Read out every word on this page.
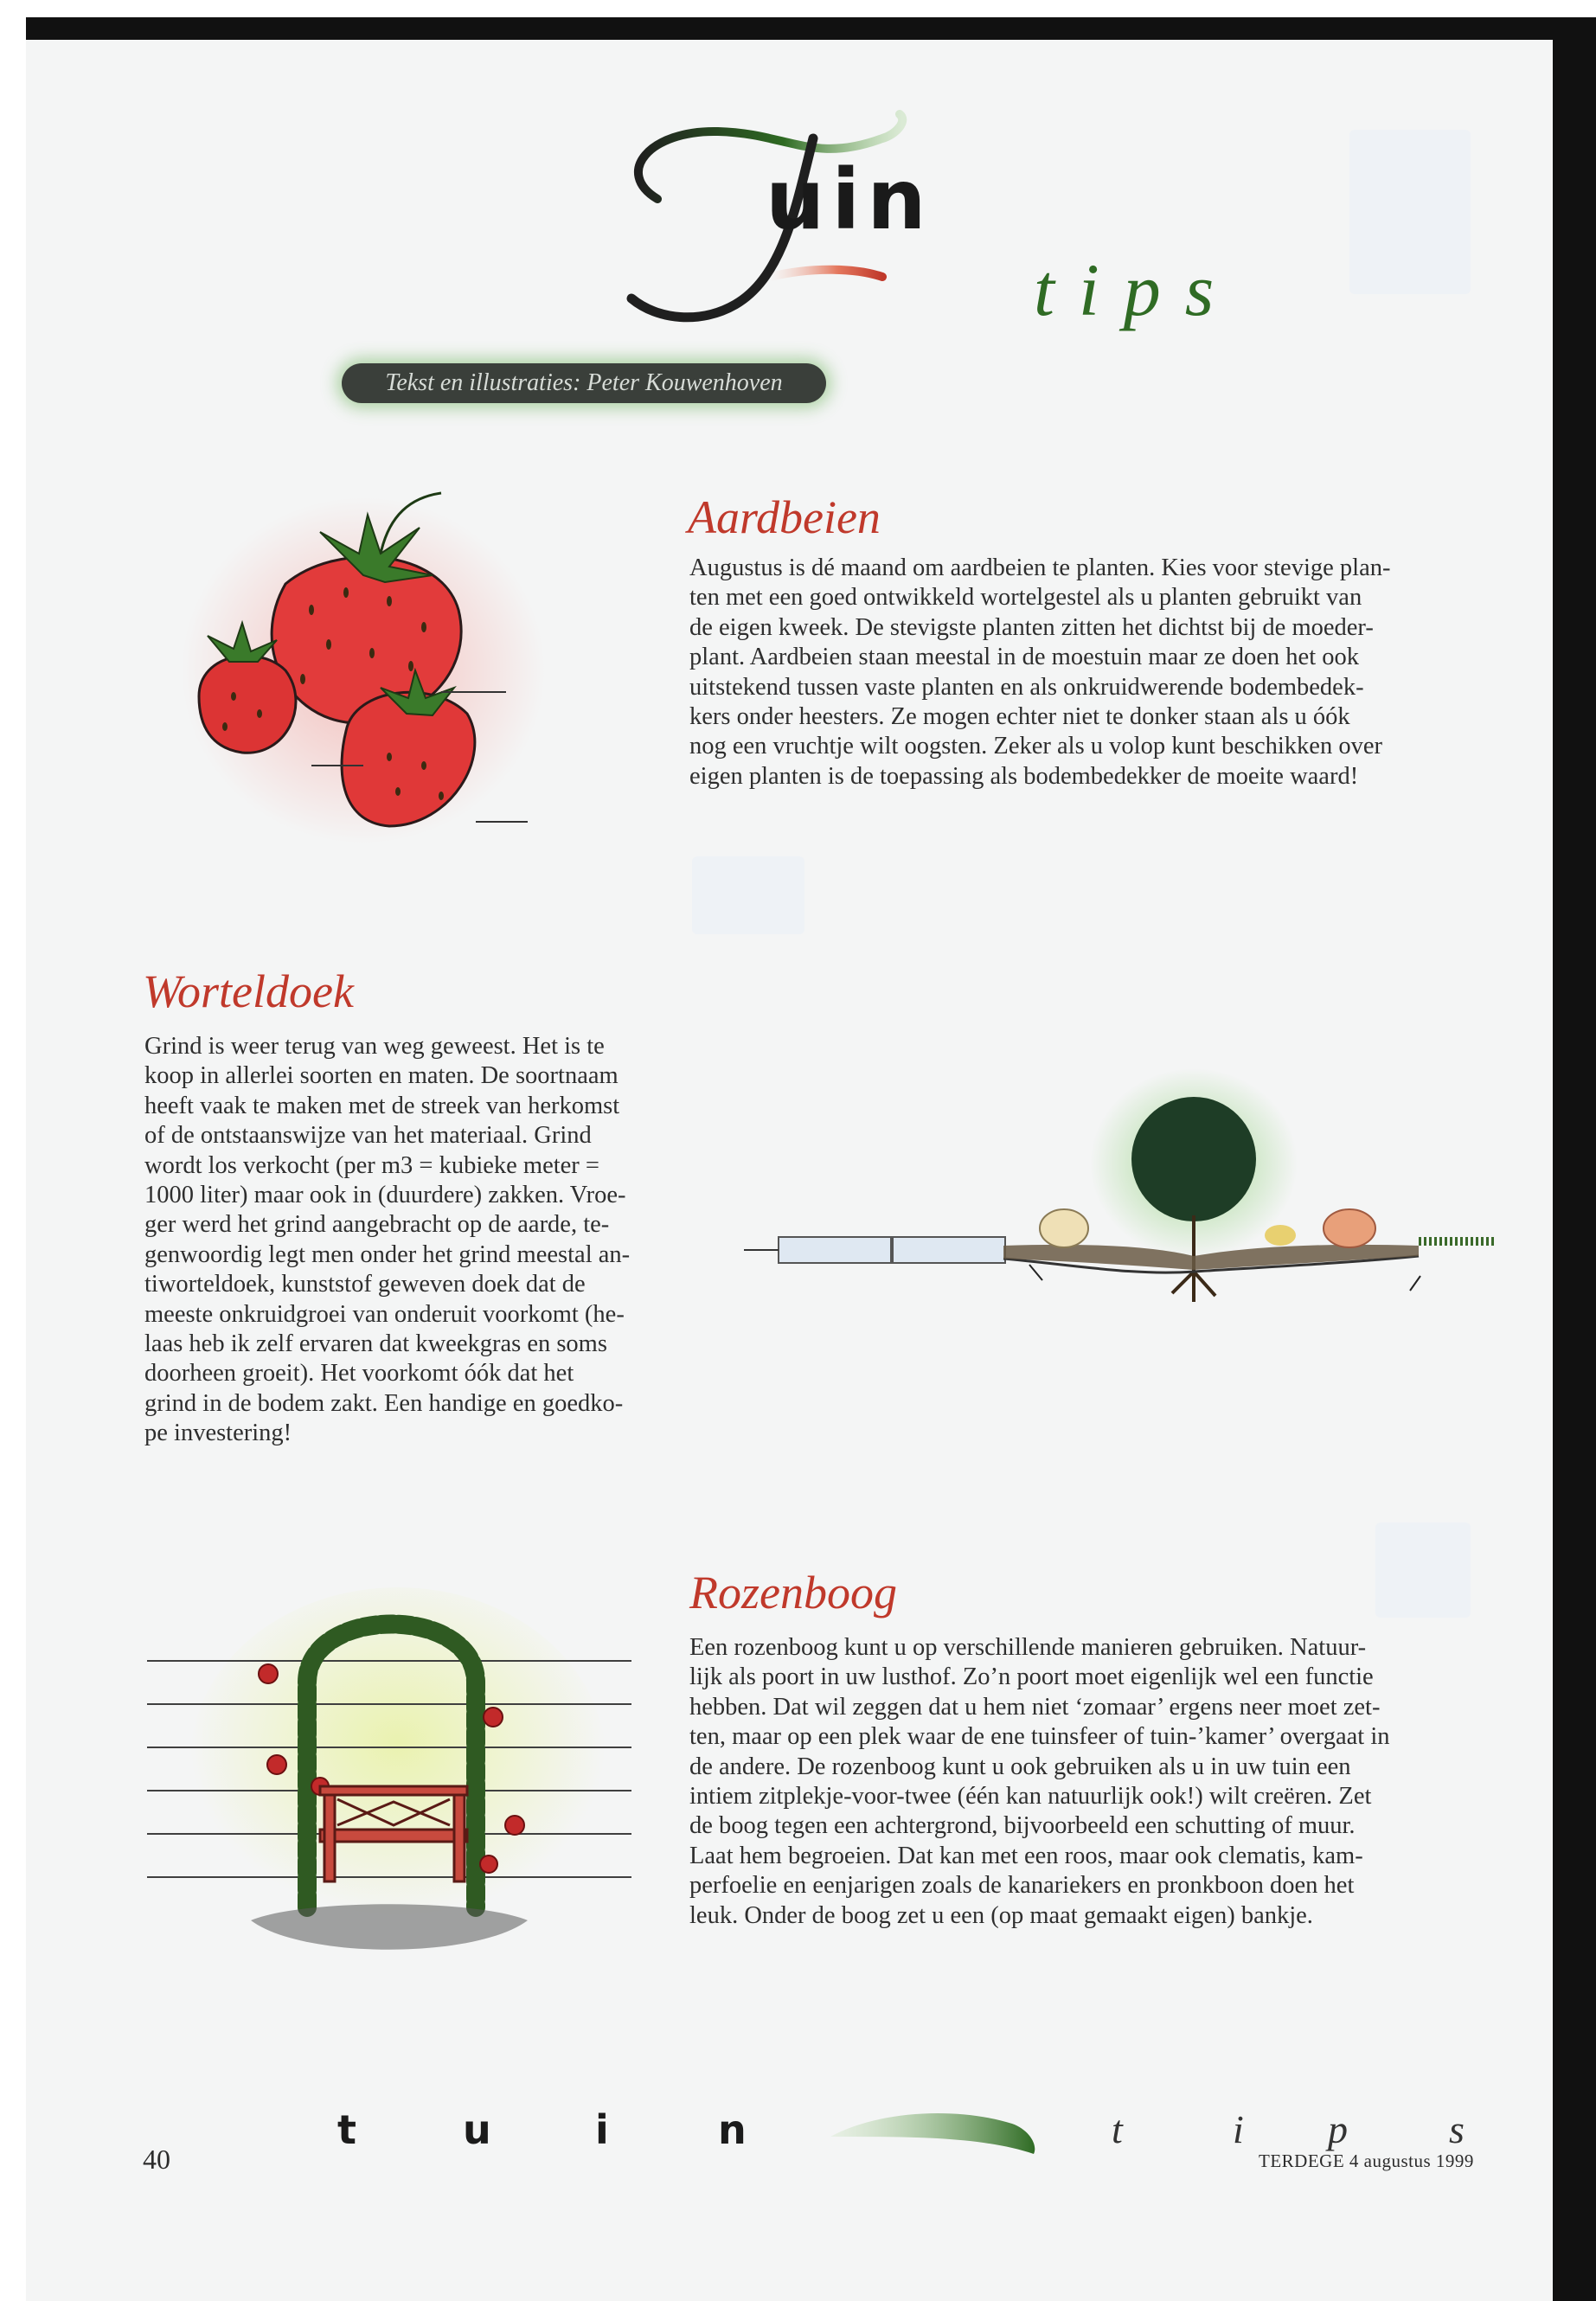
uin
tips
Tekst en illustraties: Peter Kouwenhoven
Aardbeien
Augustus is dé maand om aardbeien te planten. Kies voor stevige plan-
ten met een goed ontwikkeld wortelgestel als u planten gebruikt van
de eigen kweek. De stevigste planten zitten het dichtst bij de moeder-
plant. Aardbeien staan meestal in de moestuin maar ze doen het ook
uitstekend tussen vaste planten en als onkruidwerende bodembedek-
kers onder heesters. Ze mogen echter niet te donker staan als u óók
nog een vruchtje wilt oogsten. Zeker als u volop kunt beschikken over
eigen planten is de toepassing als bodembedekker de moeite waard!
Worteldoek
Grind is weer terug van weg geweest. Het is te
koop in allerlei soorten en maten. De soortnaam
heeft vaak te maken met de streek van herkomst
of de ontstaanswijze van het materiaal. Grind
wordt los verkocht (per m3 = kubieke meter =
1000 liter) maar ook in (duurdere) zakken. Vroe-
ger werd het grind aangebracht op de aarde, te-
genwoordig legt men onder het grind meestal an-
tiworteldoek, kunststof geweven doek dat de
meeste onkruidgroei van onderuit voorkomt (he-
laas heb ik zelf ervaren dat kweekgras en soms
doorheen groeit). Het voorkomt óók dat het
grind in de bodem zakt. Een handige en goedko-
pe investering!
Rozenboog
Een rozenboog kunt u op verschillende manieren gebruiken. Natuur-
lijk als poort in uw lusthof. Zo’n poort moet eigenlijk wel een functie
hebben. Dat wil zeggen dat u hem niet ‘zomaar’ ergens neer moet zet-
ten, maar op een plek waar de ene tuinsfeer of tuin-’kamer’ overgaat in
de andere. De rozenboog kunt u ook gebruiken als u in uw tuin een
intiem zitplekje-voor-twee (één kan natuurlijk ook!) wilt creëren. Zet
de boog tegen een achtergrond, bijvoorbeeld een schutting of muur.
Laat hem begroeien. Dat kan met een roos, maar ook clematis, kam-
perfoelie en eenjarigen zoals de kanariekers en pronkboon doen het
leuk. Onder de boog zet u een (op maat gemaakt eigen) bankje.
t	u	i	n	t	i p	s
40	TERDEGE 4 augustus 1999
